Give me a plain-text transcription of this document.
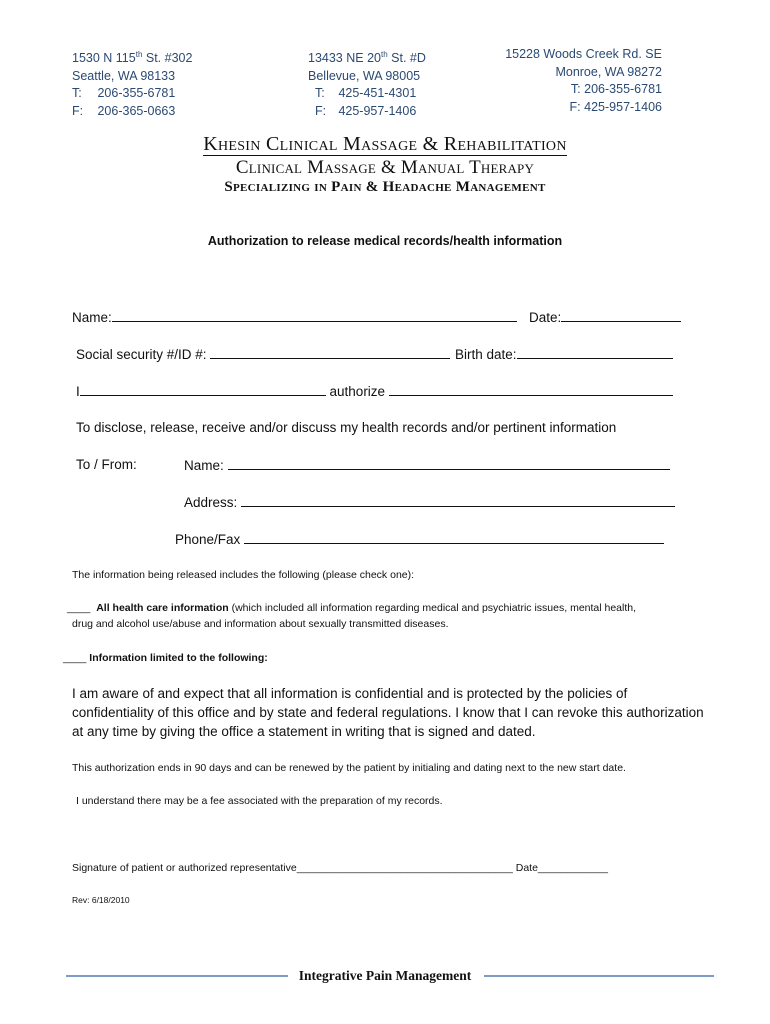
1530 N 115th St. #302
Seattle, WA 98133
T: 206-355-6781
F: 206-365-0663
13433 NE 20th St. #D
Bellevue, WA 98005
T: 425-451-4301
F: 425-957-1406
15228 Woods Creek Rd. SE
Monroe, WA 98272
T: 206-355-6781
F: 425-957-1406
Khesin Clinical Massage & Rehabilitation
Clinical Massage & Manual Therapy
Specializing in Pain & Headache Management
Authorization to release medical records/health information
Name:	Date:
Social security #/ID #:	Birth date:
I	authorize
To disclose, release, receive and/or discuss my health records and/or pertinent information
To / From:	Name:
Address:
Phone/Fax
The information being released includes the following (please check one):
____ All health care information (which included all information regarding medical and psychiatric issues, mental health,
drug and alcohol use/abuse and information about sexually transmitted diseases.
____ Information limited to the following:
I am aware of and expect that all information is confidential and is protected by the policies of confidentiality of this office and by state and federal regulations. I know that I can revoke this authorization at any time by giving the office a statement in writing that is signed and dated.
This authorization ends in 90 days and can be renewed by the patient by initialing and dating next to the new start date.
I understand there may be a fee associated with the preparation of my records.
Signature of patient or authorized representative_____________________________________ Date____________
Rev: 6/18/2010
Integrative Pain Management
